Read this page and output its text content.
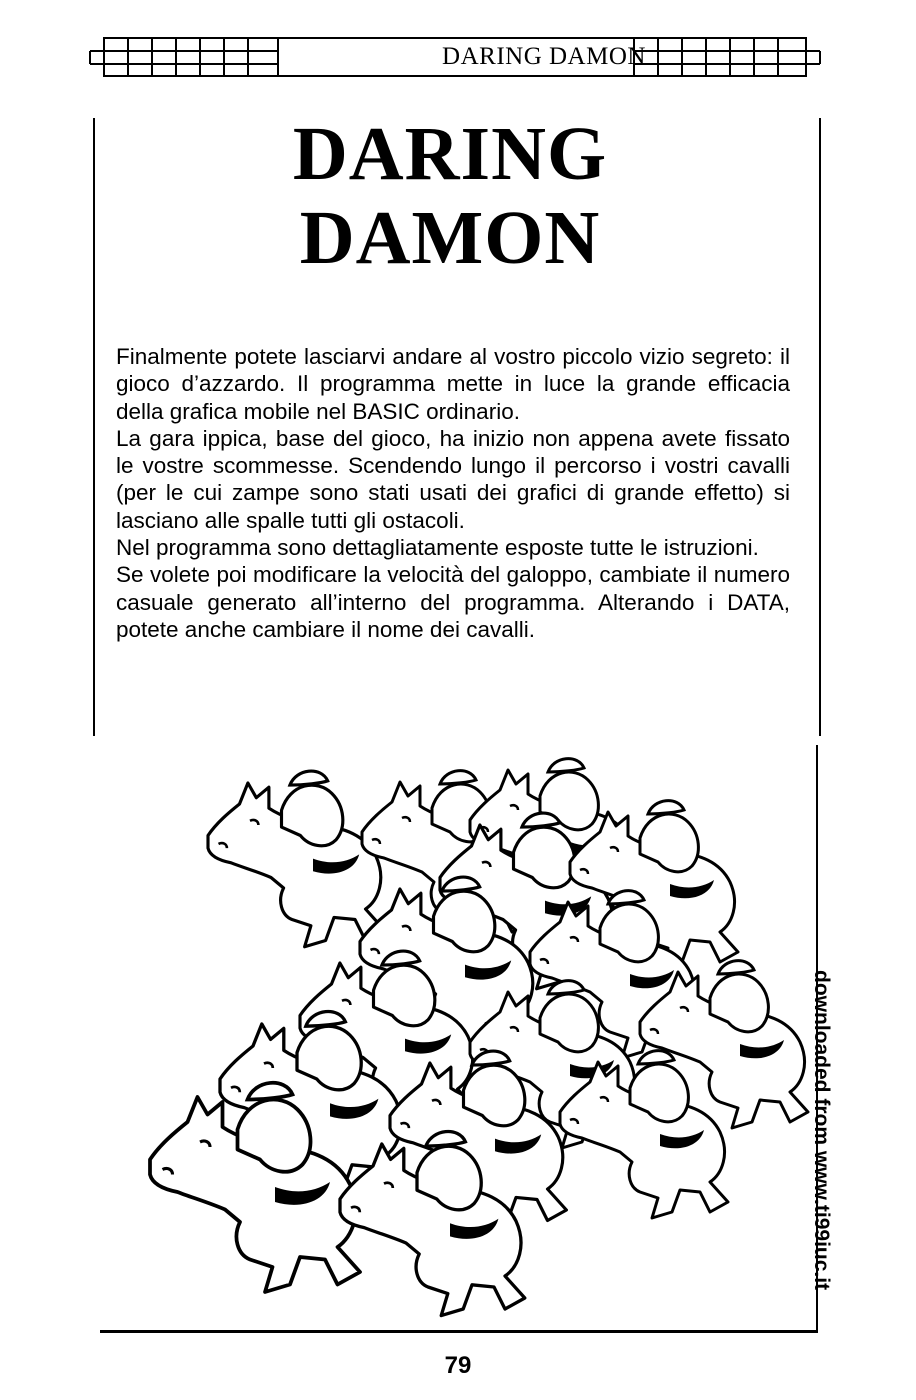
DARING DAMON
DARING
DAMON

Finalmente potete lasciarvi andare al vostro piccolo vizio segreto: il gioco d’azzardo. Il programma mette in luce la grande efficacia della grafica mobile nel BASIC ordinario.

La gara ippica, base del gioco, ha inizio non appena avete fissato le vostre scommesse. Scendendo lungo il percorso i vostri cavalli (per le cui zampe sono stati usati dei grafici di grande effetto) si lasciano alle spalle tutti gli ostacoli.

Nel programma sono dettagliatamente esposte tutte le istruzioni.

Se volete poi modificare la velocità del galoppo, cambiate il numero casuale generato all’interno del programma. Alterando i DATA, potete anche cambiare il nome dei cavalli.

downloaded from www.ti99iuc.it
79
